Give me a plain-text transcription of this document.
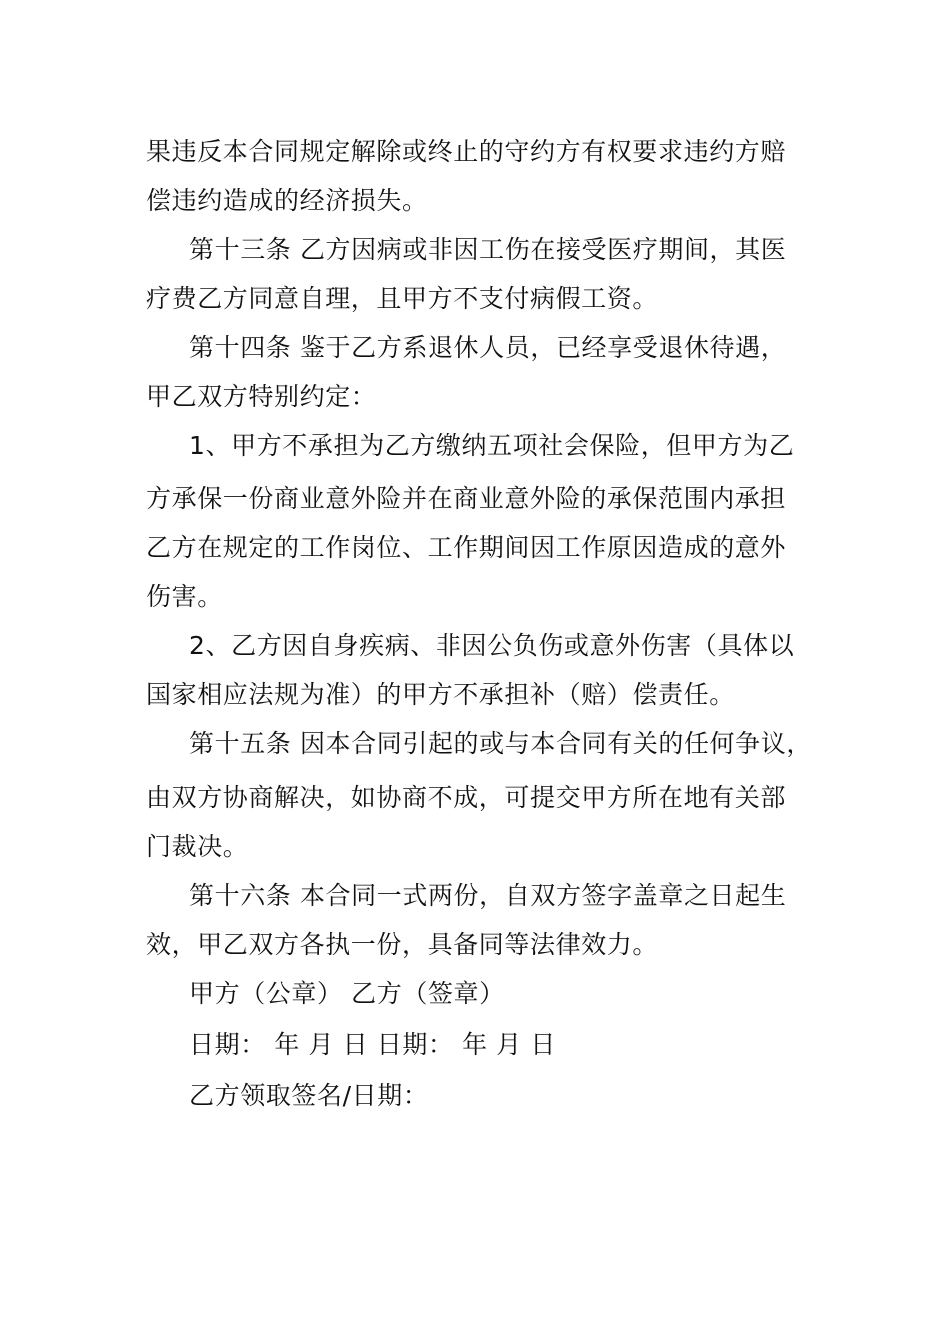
果违反本合同规定解除或终止的守约方有权要求违约方赔
偿违约造成的经济损失。
第十三条 乙方因病或非因工伤在接受医疗期间，其医
疗费乙方同意自理，且甲方不支付病假工资。
第十四条 鉴于乙方系退休人员，已经享受退休待遇，
甲乙双方特别约定：
1、甲方不承担为乙方缴纳五项社会保险，但甲方为乙
方承保一份商业意外险并在商业意外险的承保范围内承担
乙方在规定的工作岗位、工作期间因工作原因造成的意外
伤害。
2、乙方因自身疾病、非因公负伤或意外伤害（具体以
国家相应法规为准）的甲方不承担补（赔）偿责任。
第十五条 因本合同引起的或与本合同有关的任何争议，
由双方协商解决，如协商不成，可提交甲方所在地有关部
门裁决。
第十六条 本合同一式两份，自双方签字盖章之日起生
效，甲乙双方各执一份，具备同等法律效力。
甲方（公章） 乙方（签章）
日期： 年 月 日 日期： 年 月 日
乙方领取签名/日期：
